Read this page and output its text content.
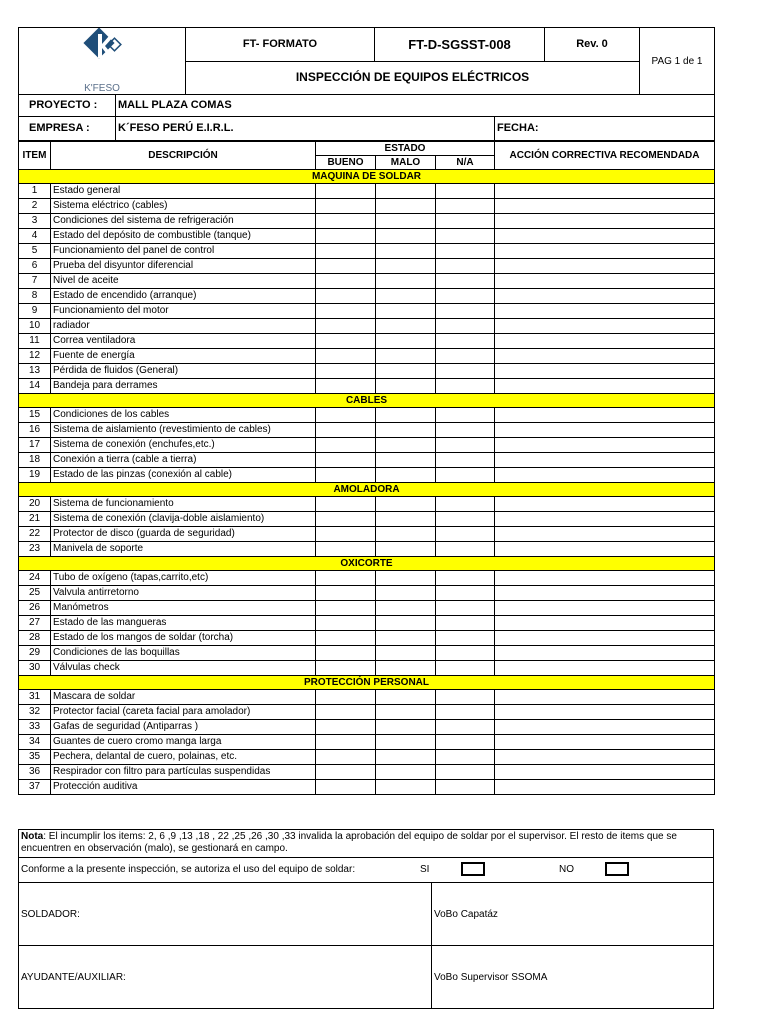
K'FESO
	FT- FORMATO	FT-D-SGSST-008	Rev. 0	PAG 1 de 1
INSPECCIÓN DE EQUIPOS ELÉCTRICOS
PROYECTO :	MALL PLAZA COMAS	
EMPRESA :	K´FESO PERÚ E.I.R.L.	FECHA:
ITEM	DESCRIPCIÓN	ESTADO			ACCIÓN CORRECTIVA RECOMENDADA
		BUENO	MALO	N/A	
MAQUINA DE SOLDAR					
1	Estado general				
2	Sistema eléctrico (cables)				
3	Condiciones del sistema de refrigeración				
4	Estado del depósito de combustible (tanque)				
5	Funcionamiento del panel de control				
6	Prueba del disyuntor diferencial				
7	Nivel de aceite				
8	Estado de encendido (arranque)				
9	Funcionamiento del motor				
10	radiador				
11	Correa ventiladora				
12	Fuente de energía				
13	Pérdida de fluidos (General)				
14	Bandeja para derrames				
CABLES					
15	Condiciones de los cables				
16	Sistema de aislamiento (revestimiento de cables)				
17	Sistema de conexión (enchufes,etc.)				
18	Conexión a tierra (cable a tierra)				
19	Estado de las pinzas (conexión al cable)				
AMOLADORA					
20	Sistema de funcionamiento				
21	Sistema de conexión (clavija-doble aislamiento)				
22	Protector de disco (guarda de seguridad)				
23	Manivela de soporte				
OXICORTE					
24	Tubo de oxígeno (tapas,carrito,etc)				
25	Valvula antirretorno				
26	Manómetros				
27	Estado de las mangueras				
28	Estado de los mangos de soldar (torcha)				
29	Condiciones de las boquillas				
30	Válvulas check				
PROTECCIÓN PERSONAL					
31	Mascara de soldar				
32	Protector facial (careta facial para amolador)				
33	Gafas de seguridad (Antiparras )				
34	Guantes de cuero cromo manga larga				
35	Pechera, delantal de cuero, polainas, etc.				
36	Respirador con filtro para partículas suspendidas				
37	Protección auditiva				
Nota: El incumplir los items: 2, 6 ,9 ,13 ,18 , 22 ,25 ,26 ,30 ,33 invalida la aprobación del equipo de soldar por el supervisor. El resto de items que se encuentren en observación (malo), se gestionará en campo.
Conforme a la presente inspección, se autoriza el uso del equipo de soldar:	SI	NO
SOLDADOR:	VoBo Capatáz
AYUDANTE/AUXILIAR:	VoBo Supervisor SSOMA
